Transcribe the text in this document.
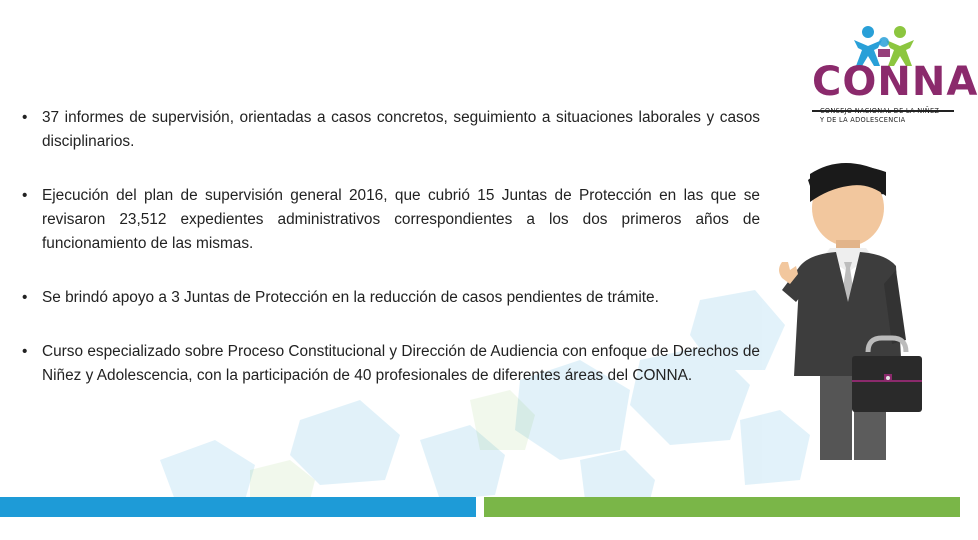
CONNA
CONSEJO NACIONAL DE LA NIÑEZ
Y DE LA ADOLESCENCIA
• 37 informes de supervisión, orientadas a casos concretos, seguimiento a situaciones laborales y casos disciplinarios.
• Ejecución del plan de supervisión general 2016, que cubrió 15 Juntas de Protección en las que se revisaron 23,512 expedientes administrativos correspondientes a los dos primeros años de funcionamiento de las mismas.
• Se brindó apoyo a 3 Juntas de Protección en la reducción de casos pendientes de trámite.
• Curso especializado sobre Proceso Constitucional y Dirección de Audiencia con enfoque de Derechos de Niñez y Adolescencia, con la participación de 40 profesionales de diferentes áreas del CONNA.
